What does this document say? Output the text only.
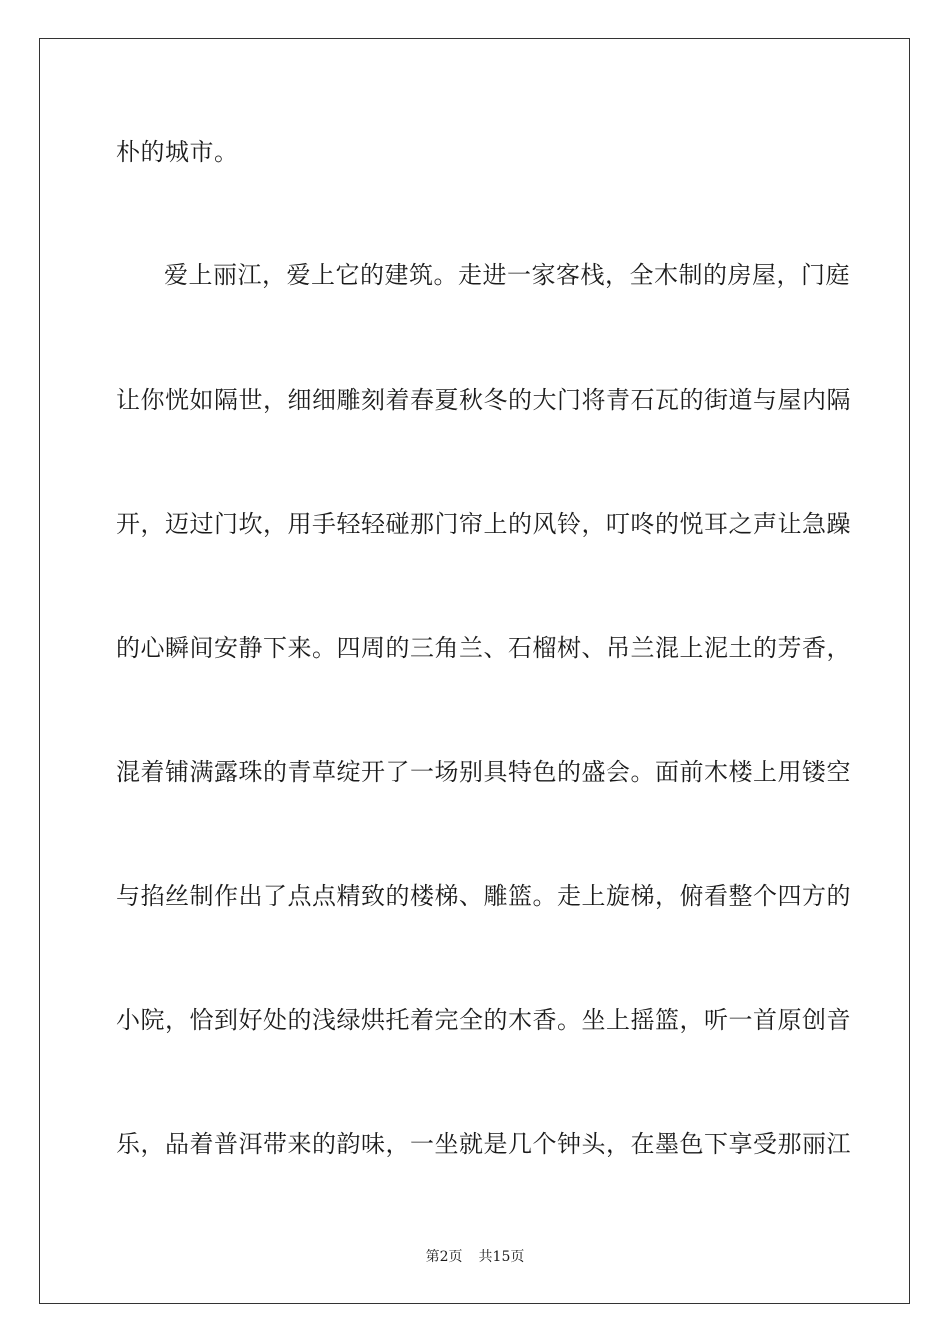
朴的城市。
爱上丽江，爱上它的建筑。走进一家客栈，全木制的房屋，门庭
让你恍如隔世，细细雕刻着春夏秋冬的大门将青石瓦的街道与屋内隔
开，迈过门坎，用手轻轻碰那门帘上的风铃，叮咚的悦耳之声让急躁
的心瞬间安静下来。四周的三角兰、石榴树、吊兰混上泥土的芳香，
混着铺满露珠的青草绽开了一场别具特色的盛会。面前木楼上用镂空
与掐丝制作出了点点精致的楼梯、雕篮。走上旋梯，俯看整个四方的
小院，恰到好处的浅绿烘托着完全的木香。坐上摇篮，听一首原创音
乐，品着普洱带来的韵味，一坐就是几个钟头，在墨色下享受那丽江
第2页 共15页
